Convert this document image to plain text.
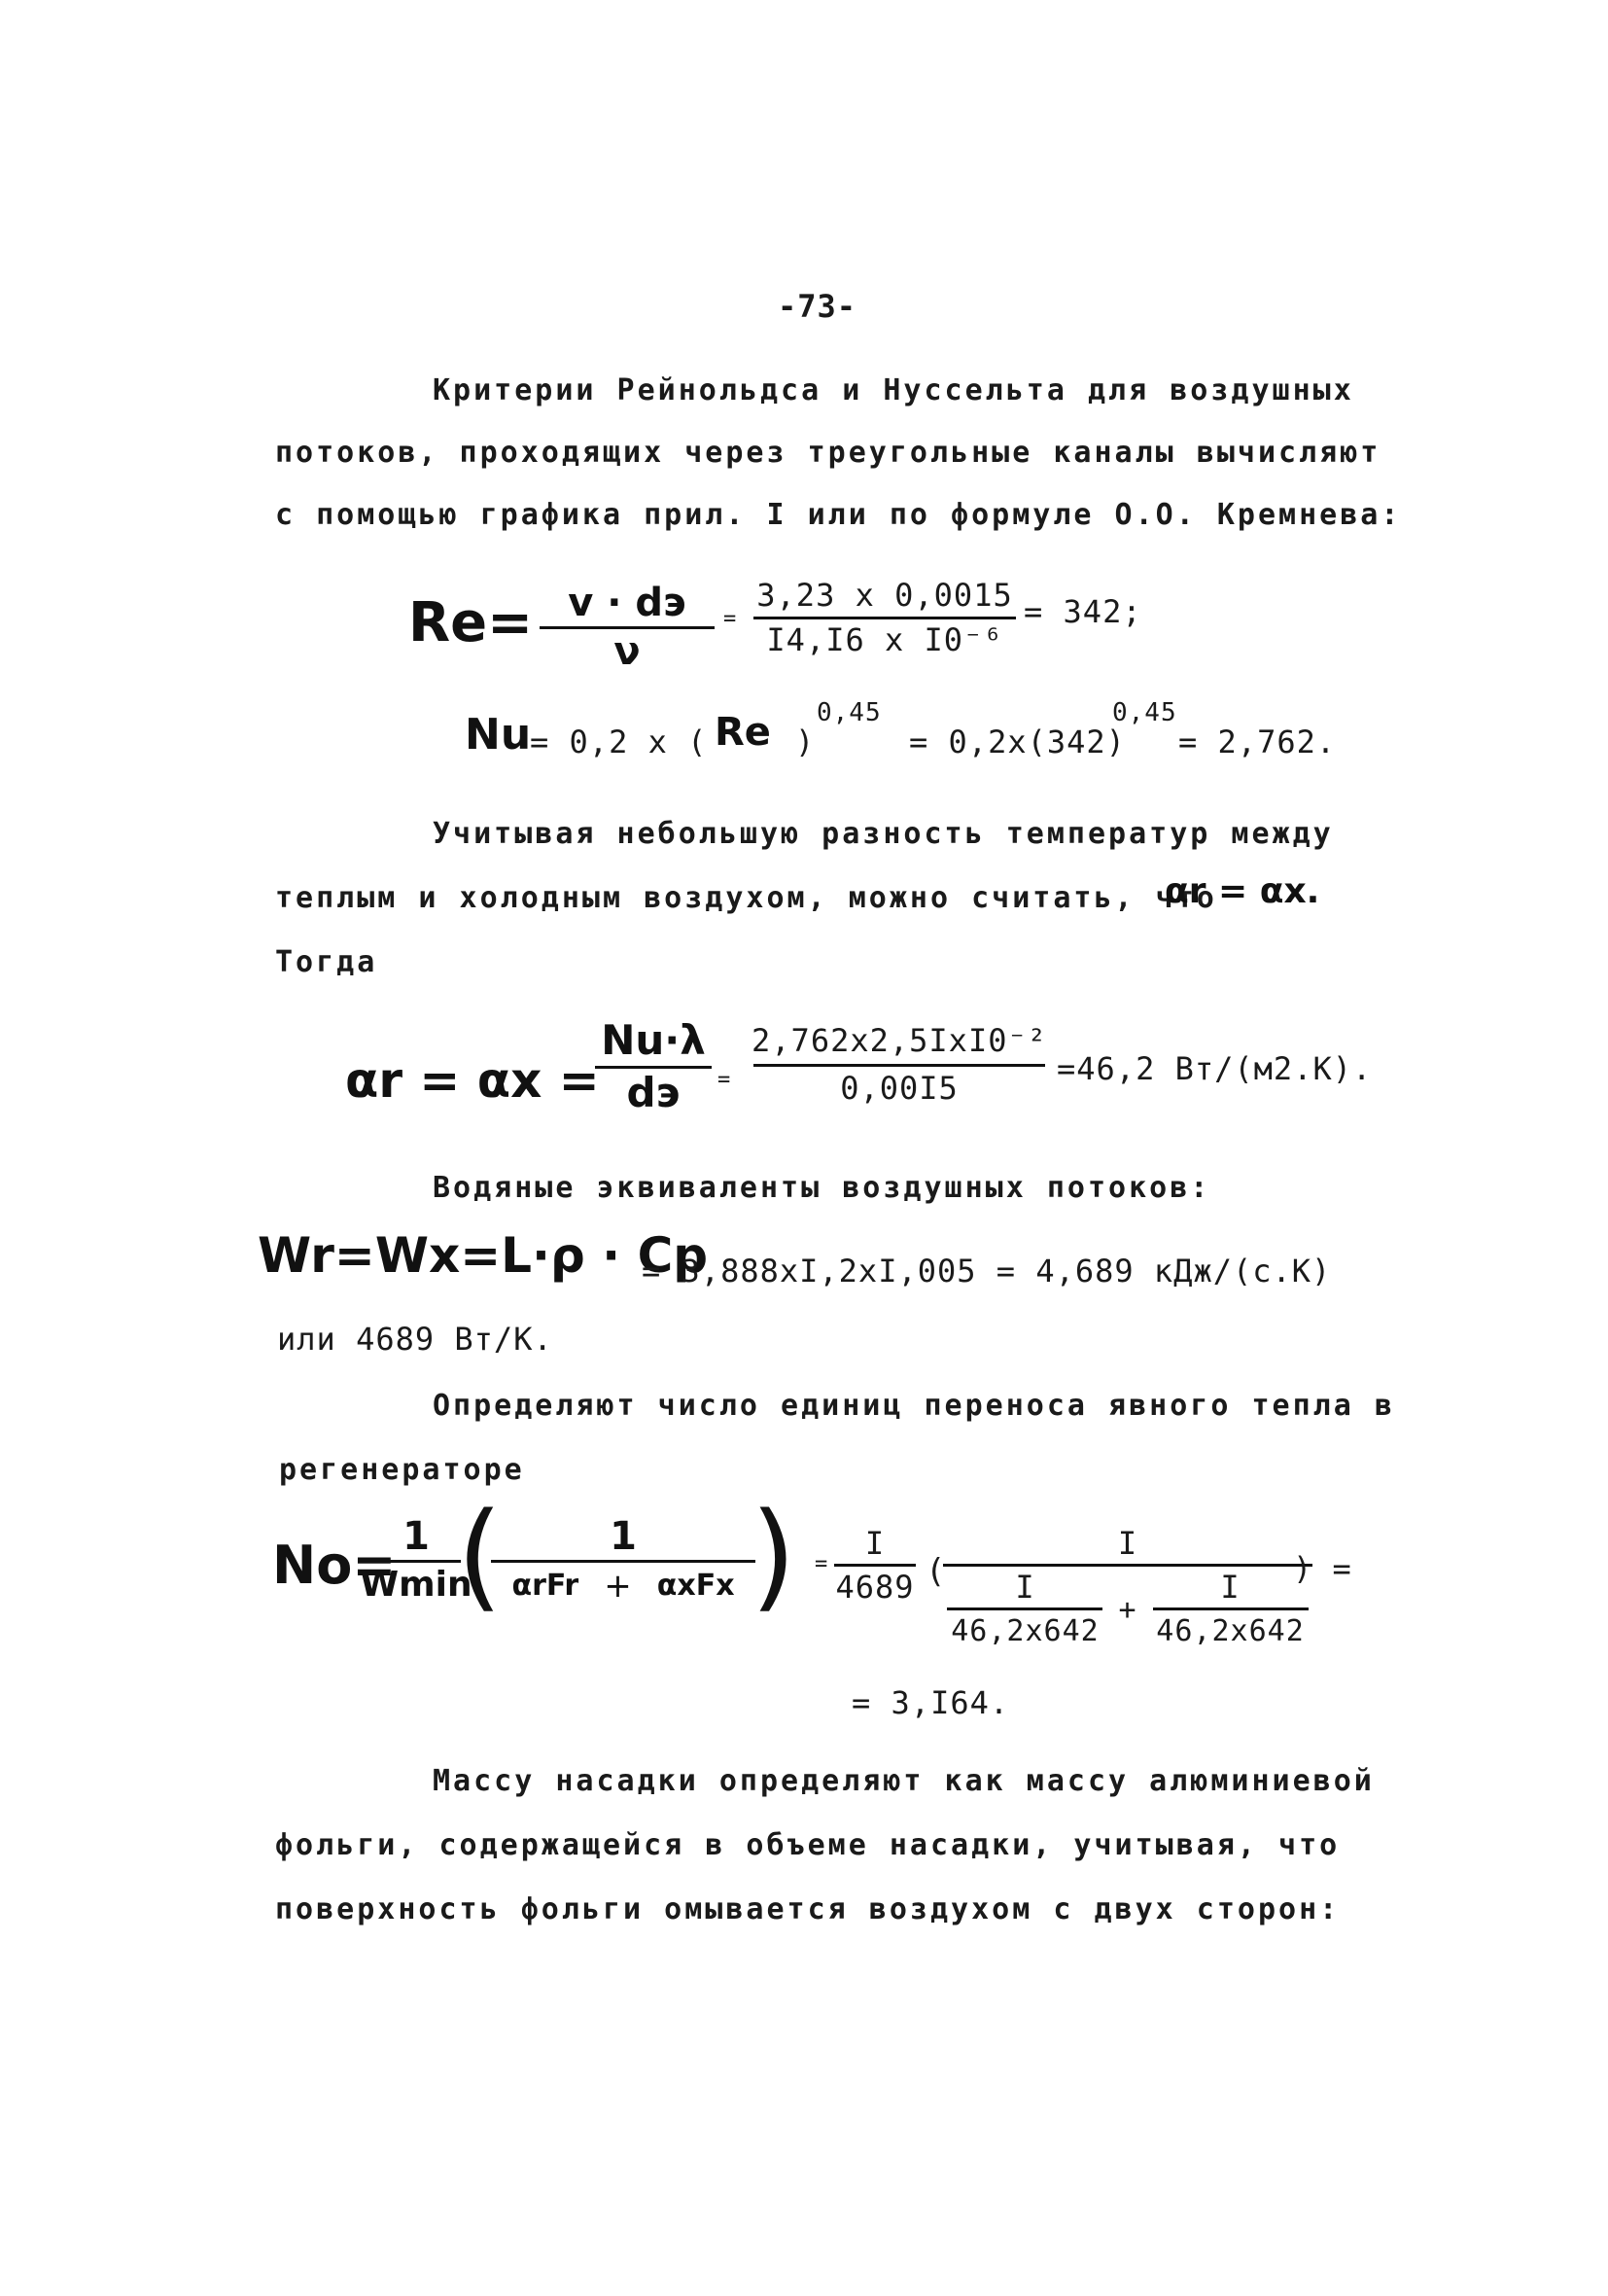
-73-
Критерии Рейнольдса и Нуссельта для воздушных
потоков, проходящих через треугольные каналы вычисляют
с помощью графика прил. I или по формуле О.О. Кремнева:
Re= v · dэ
ν
=
3,23 x 0,0015
I4,I6 x I0⁻⁶
= 342;
Nu
= 0,2 x ( Re )
0,45
= 0,2x(342)
0,45
= 2,762.
Учитывая небольшую разность температур между
теплым и холодным воздухом, можно считать, что
αr = αx.
Тогда
αr = αx =
Nu·λ
dэ =
2,762x2,5IxI0⁻²
0,00I5
=46,2 Вт/(м2.К).
Водяные эквиваленты воздушных потоков:
Wr=Wx=L·ρ · Cp
= 3,888xI,2xI,005 = 4,689 кДж/(с.К)
или 4689 Вт/К.
Определяют число единиц переноса явного тепла в
регенераторе
No= 1
Wmin
(	1
αrFr + αxFx ) =
I
4689 (
I
$\frac{I}{46,2x642} + \frac{I}{46,2x642}$
) =
= 3,I64.
Массу насадки определяют как массу алюминиевой
фольги, содержащейся в объеме насадки, учитывая, что
поверхность фольги омывается воздухом с двух сторон:
